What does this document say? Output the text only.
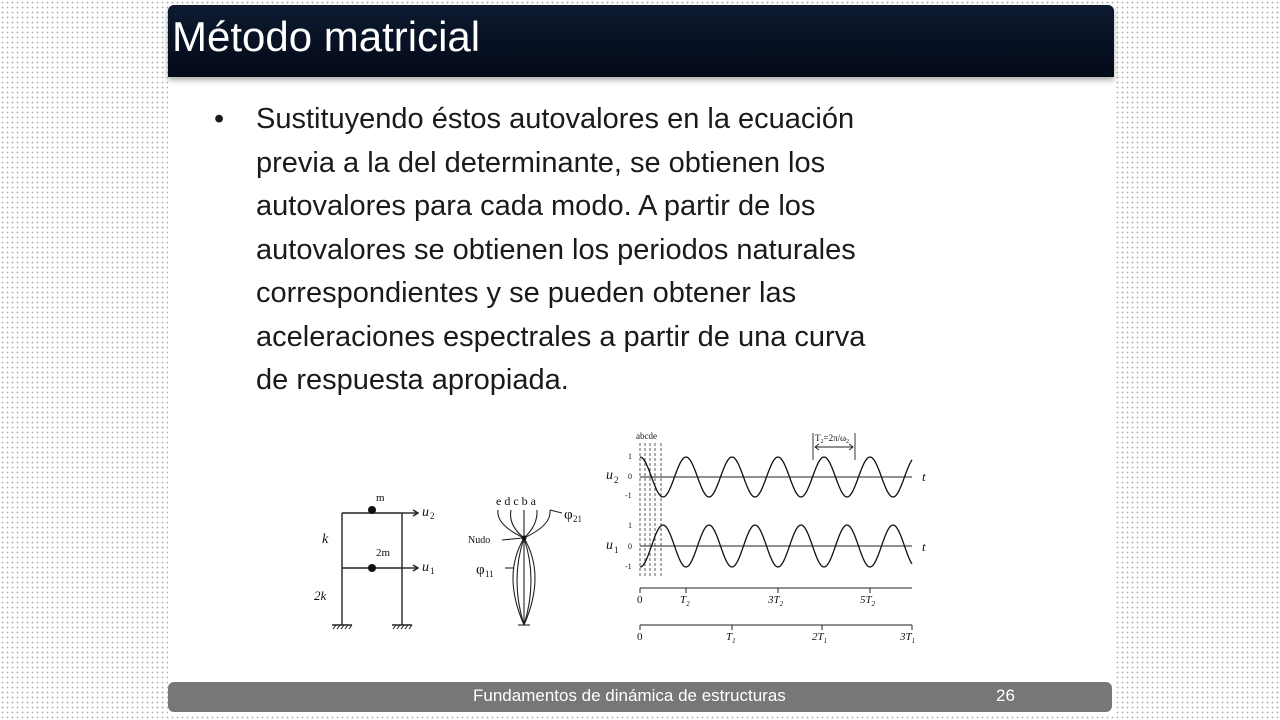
Método matricial
• Sustituyendo éstos autovalores en la ecuación
previa a la del determinante, se obtienen los
autovalores para cada modo. A partir de los
autovalores se obtienen los periodos naturales
correspondientes y se pueden obtener las
aceleraciones espectrales a partir de una curva
de respuesta apropiada.
m
2m
k
2k
u 2
u 1
e d c b a
φ 21
Nudo
φ 11
abcde	$T_2=2\pi/\omega_2$
u 2
1
0
-1
t
u 1
1
0
-1
t
0	$T_2$	$3T_2$	$5T_2$
0	$T_1$	$2T_1$	$3T_1$
Fundamentos de dinámica de estructuras	26
